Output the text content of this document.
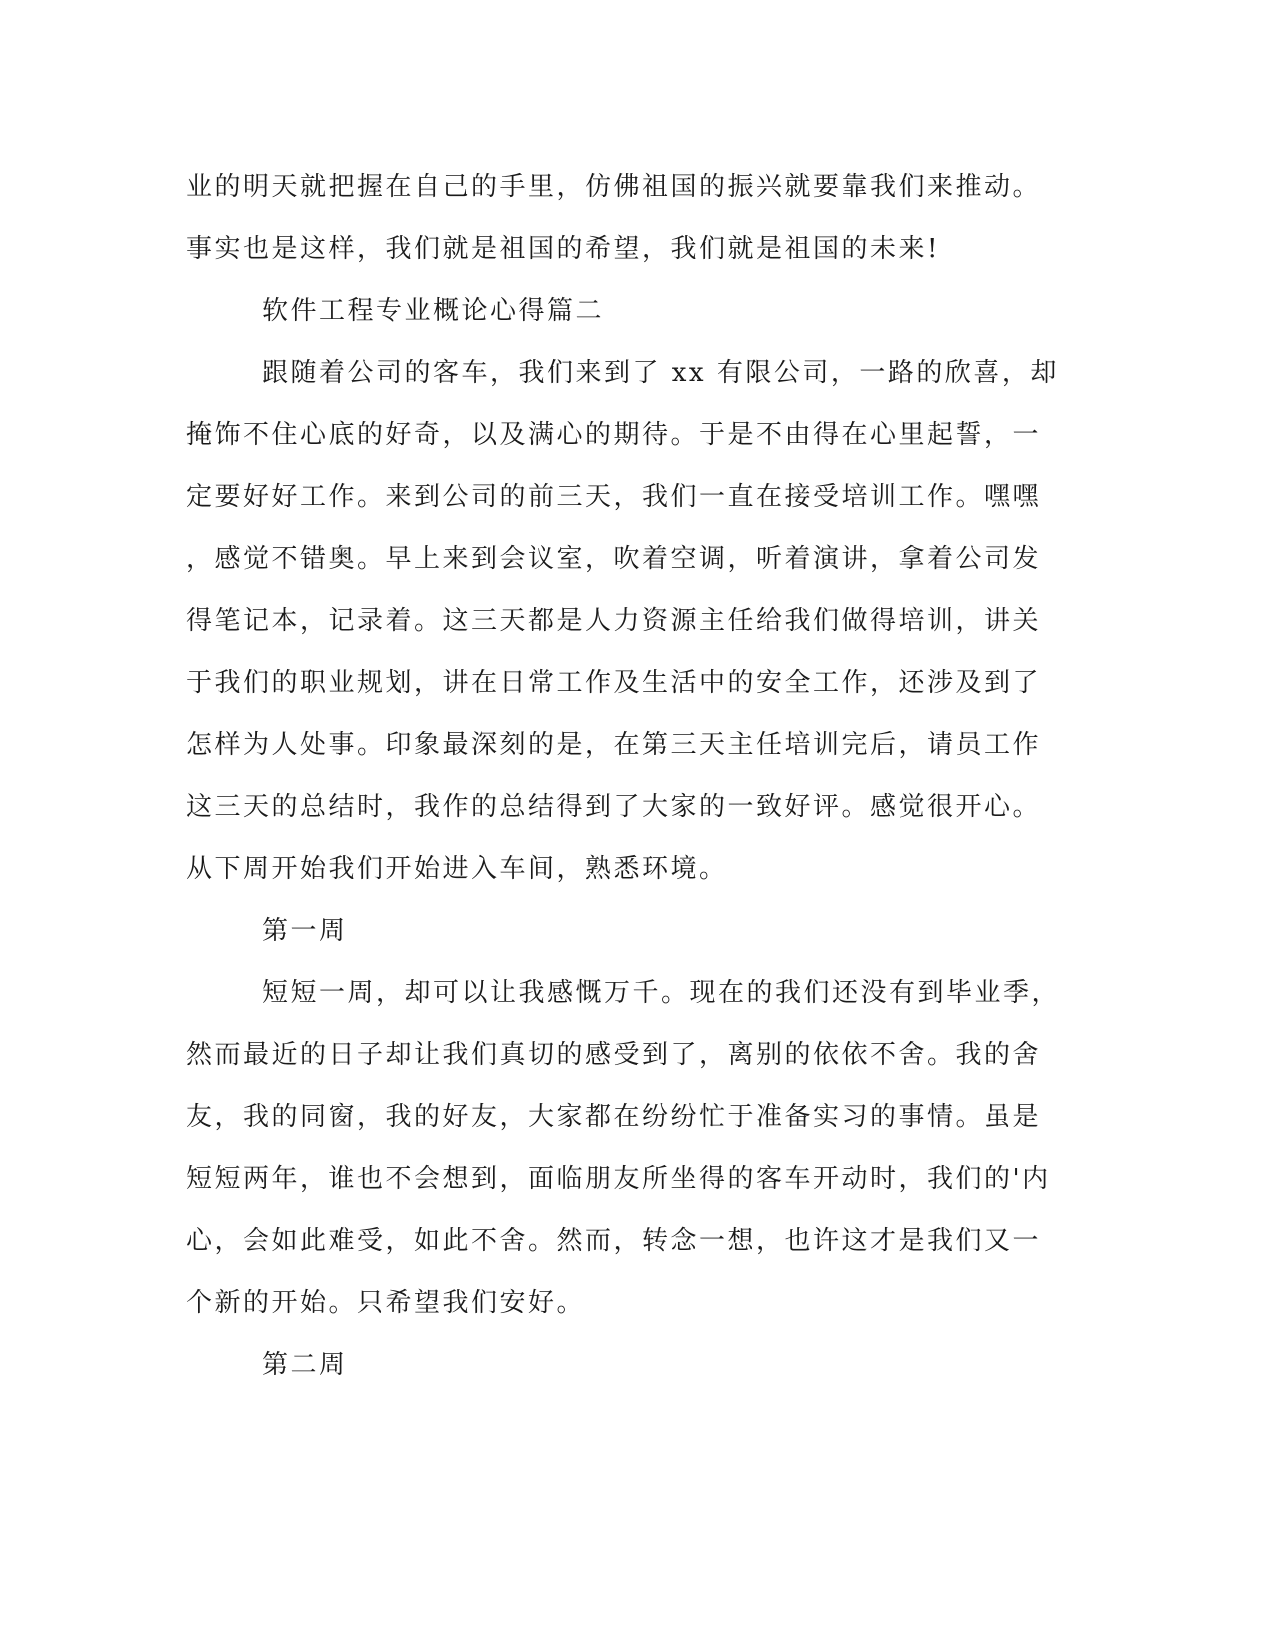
业的明天就把握在自己的手里，仿佛祖国的振兴就要靠我们来推动。
事实也是这样，我们就是祖国的希望，我们就是祖国的未来!
软件工程专业概论心得篇二
跟随着公司的客车，我们来到了 xx 有限公司，一路的欣喜，却
掩饰不住心底的好奇，以及满心的期待。于是不由得在心里起誓，一
定要好好工作。来到公司的前三天，我们一直在接受培训工作。嘿嘿
，感觉不错奥。早上来到会议室，吹着空调，听着演讲，拿着公司发
得笔记本，记录着。这三天都是人力资源主任给我们做得培训，讲关
于我们的职业规划，讲在日常工作及生活中的安全工作，还涉及到了
怎样为人处事。印象最深刻的是，在第三天主任培训完后，请员工作
这三天的总结时，我作的总结得到了大家的一致好评。感觉很开心。
从下周开始我们开始进入车间，熟悉环境。
第一周
短短一周，却可以让我感慨万千。现在的我们还没有到毕业季，
然而最近的日子却让我们真切的感受到了，离别的依依不舍。我的舍
友，我的同窗，我的好友，大家都在纷纷忙于准备实习的事情。虽是
短短两年，谁也不会想到，面临朋友所坐得的客车开动时，我们的'内
心，会如此难受，如此不舍。然而，转念一想，也许这才是我们又一
个新的开始。只希望我们安好。
第二周
